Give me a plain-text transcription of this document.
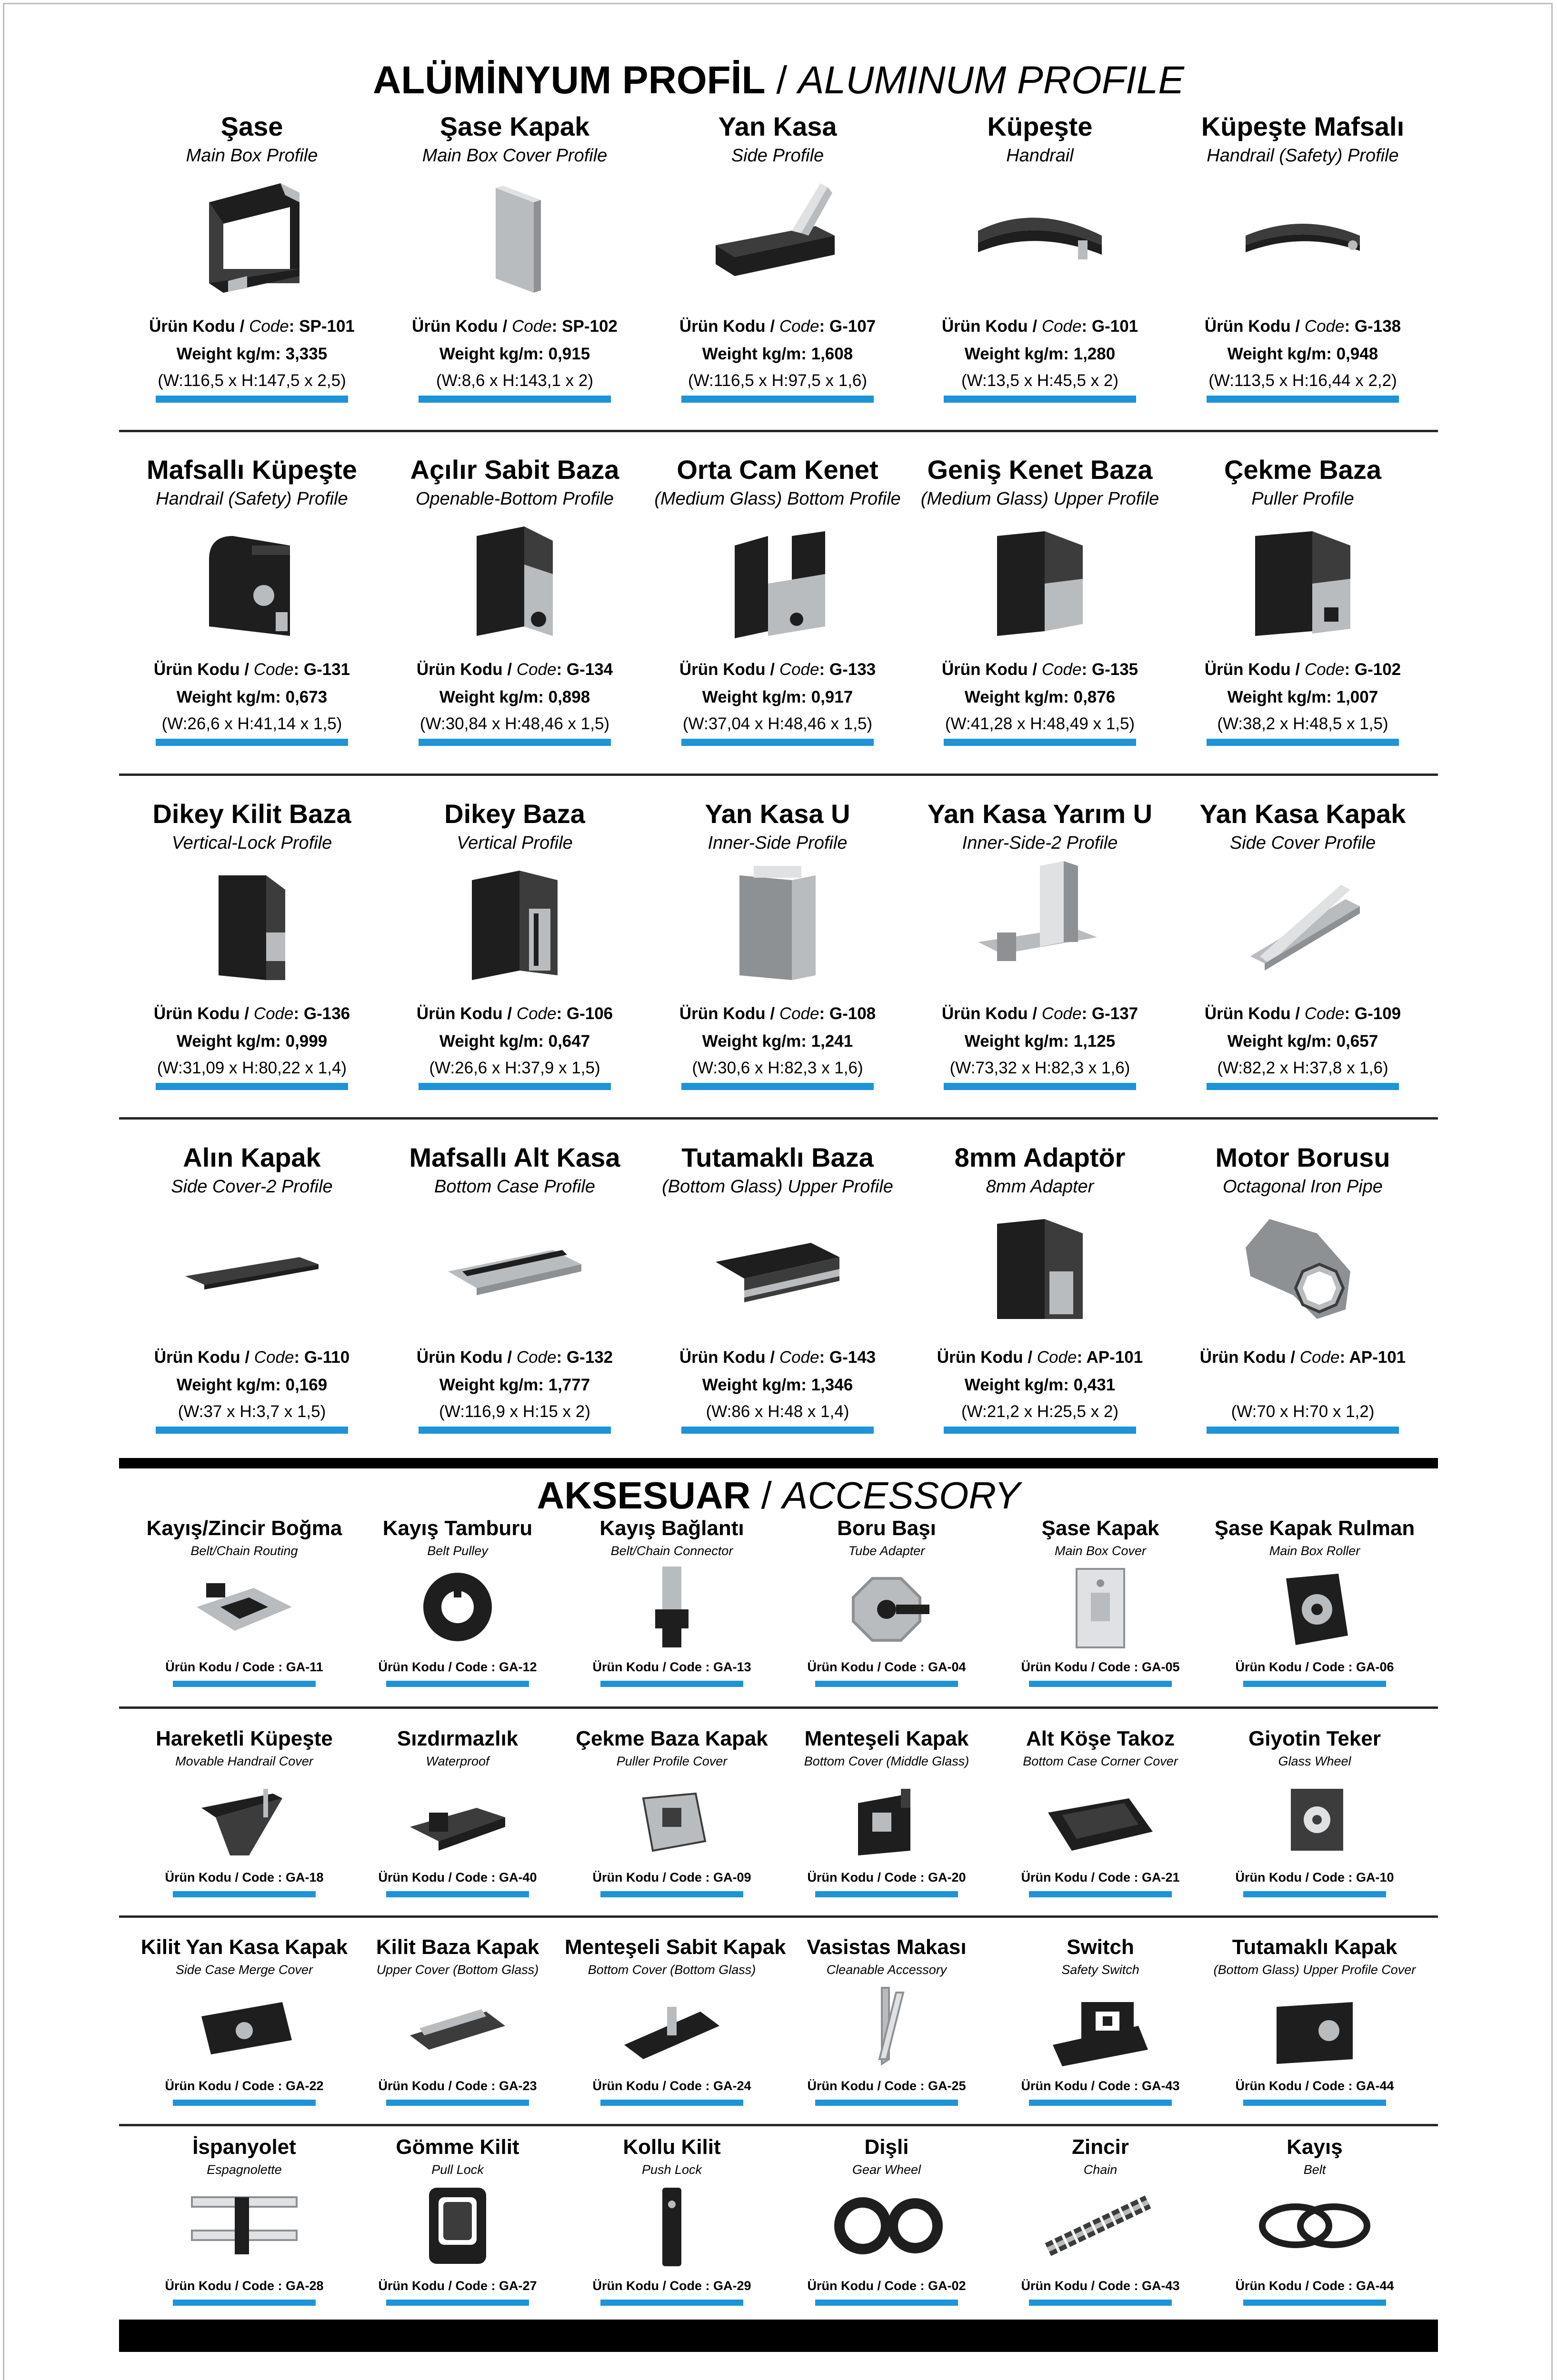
ALÜMİNYUM PROFİL / ALUMINUM PROFILE
Şase
Main Box Profile
Ürün Kodu / Code: SP-101
Weight kg/m: 3,335
(W:116,5 x H:147,5 x 2,5)
Şase Kapak
Main Box Cover Profile
Ürün Kodu / Code: SP-102
Weight kg/m: 0,915
(W:8,6 x H:143,1 x 2)
Yan Kasa
Side Profile
Ürün Kodu / Code: G-107
Weight kg/m: 1,608
(W:116,5 x H:97,5 x 1,6)
Küpeşte
Handrail
Ürün Kodu / Code: G-101
Weight kg/m: 1,280
(W:13,5 x H:45,5 x 2)
Küpeşte Mafsalı
Handrail (Safety) Profile
Ürün Kodu / Code: G-138
Weight kg/m: 0,948
(W:113,5 x H:16,44 x 2,2)
Mafsallı Küpeşte
Handrail (Safety) Profile
Ürün Kodu / Code: G-131
Weight kg/m: 0,673
(W:26,6 x H:41,14 x 1,5)
Açılır Sabit Baza
Openable-Bottom Profile
Ürün Kodu / Code: G-134
Weight kg/m: 0,898
(W:30,84 x H:48,46 x 1,5)
Orta Cam Kenet
(Medium Glass) Bottom Profile
Ürün Kodu / Code: G-133
Weight kg/m: 0,917
(W:37,04 x H:48,46 x 1,5)
Geniş Kenet Baza
(Medium Glass) Upper Profile
Ürün Kodu / Code: G-135
Weight kg/m: 0,876
(W:41,28 x H:48,49 x 1,5)
Çekme Baza
Puller Profile
Ürün Kodu / Code: G-102
Weight kg/m: 1,007
(W:38,2 x H:48,5 x 1,5)
Dikey Kilit Baza
Vertical-Lock Profile
Ürün Kodu / Code: G-136
Weight kg/m: 0,999
(W:31,09 x H:80,22 x 1,4)
Dikey Baza
Vertical Profile
Ürün Kodu / Code: G-106
Weight kg/m: 0,647
(W:26,6 x H:37,9 x 1,5)
Yan Kasa U
Inner-Side Profile
Ürün Kodu / Code: G-108
Weight kg/m: 1,241
(W:30,6 x H:82,3 x 1,6)
Yan Kasa Yarım U
Inner-Side-2 Profile
Ürün Kodu / Code: G-137
Weight kg/m: 1,125
(W:73,32 x H:82,3 x 1,6)
Yan Kasa Kapak
Side Cover Profile
Ürün Kodu / Code: G-109
Weight kg/m: 0,657
(W:82,2 x H:37,8 x 1,6)
Alın Kapak
Side Cover-2 Profile
Ürün Kodu / Code: G-110
Weight kg/m: 0,169
(W:37 x H:3,7 x 1,5)
Mafsallı Alt Kasa
Bottom Case Profile
Ürün Kodu / Code: G-132
Weight kg/m: 1,777
(W:116,9 x H:15 x 2)
Tutamaklı Baza
(Bottom Glass) Upper Profile
Ürün Kodu / Code: G-143
Weight kg/m: 1,346
(W:86 x H:48 x 1,4)
8mm Adaptör
8mm Adapter
Ürün Kodu / Code: AP-101
Weight kg/m: 0,431
(W:21,2 x H:25,5 x 2)
Motor Borusu
Octagonal Iron Pipe
Ürün Kodu / Code: AP-101
(W:70 x H:70 x 1,2)
AKSESUAR / ACCESSORY
Kayış/Zincir Boğma
Belt/Chain Routing
Ürün Kodu / Code : GA-11
Kayış Tamburu
Belt Pulley
Ürün Kodu / Code : GA-12
Kayış Bağlantı
Belt/Chain Connector
Ürün Kodu / Code : GA-13
Boru Başı
Tube Adapter
Ürün Kodu / Code : GA-04
Şase Kapak
Main Box Cover
Ürün Kodu / Code : GA-05
Şase Kapak Rulman
Main Box Roller
Ürün Kodu / Code : GA-06
Hareketli Küpeşte
Movable Handrail Cover
Ürün Kodu / Code : GA-18
Sızdırmazlık
Waterproof
Ürün Kodu / Code : GA-40
Çekme Baza Kapak
Puller Profile Cover
Ürün Kodu / Code : GA-09
Menteşeli Kapak
Bottom Cover (Middle Glass)
Ürün Kodu / Code : GA-20
Alt Köşe Takoz
Bottom Case Corner Cover
Ürün Kodu / Code : GA-21
Giyotin Teker
Glass Wheel
Ürün Kodu / Code : GA-10
Kilit Yan Kasa Kapak
Side Case Merge Cover
Ürün Kodu / Code : GA-22
Kilit Baza Kapak
Upper Cover (Bottom Glass)
Ürün Kodu / Code : GA-23
Menteşeli Sabit Kapak
Bottom Cover (Bottom Glass)
Ürün Kodu / Code : GA-24
Vasistas Makası
Cleanable Accessory
Ürün Kodu / Code : GA-25
Switch
Safety Switch
Ürün Kodu / Code : GA-43
Tutamaklı Kapak
(Bottom Glass) Upper Profile Cover
Ürün Kodu / Code : GA-44
İspanyolet
Espagnolette
Ürün Kodu / Code : GA-28
Gömme Kilit
Pull Lock
Ürün Kodu / Code : GA-27
Kollu Kilit
Push Lock
Ürün Kodu / Code : GA-29
Dişli
Gear Wheel
Ürün Kodu / Code : GA-02
Zincir
Chain
Ürün Kodu / Code : GA-43
Kayış
Belt
Ürün Kodu / Code : GA-44
